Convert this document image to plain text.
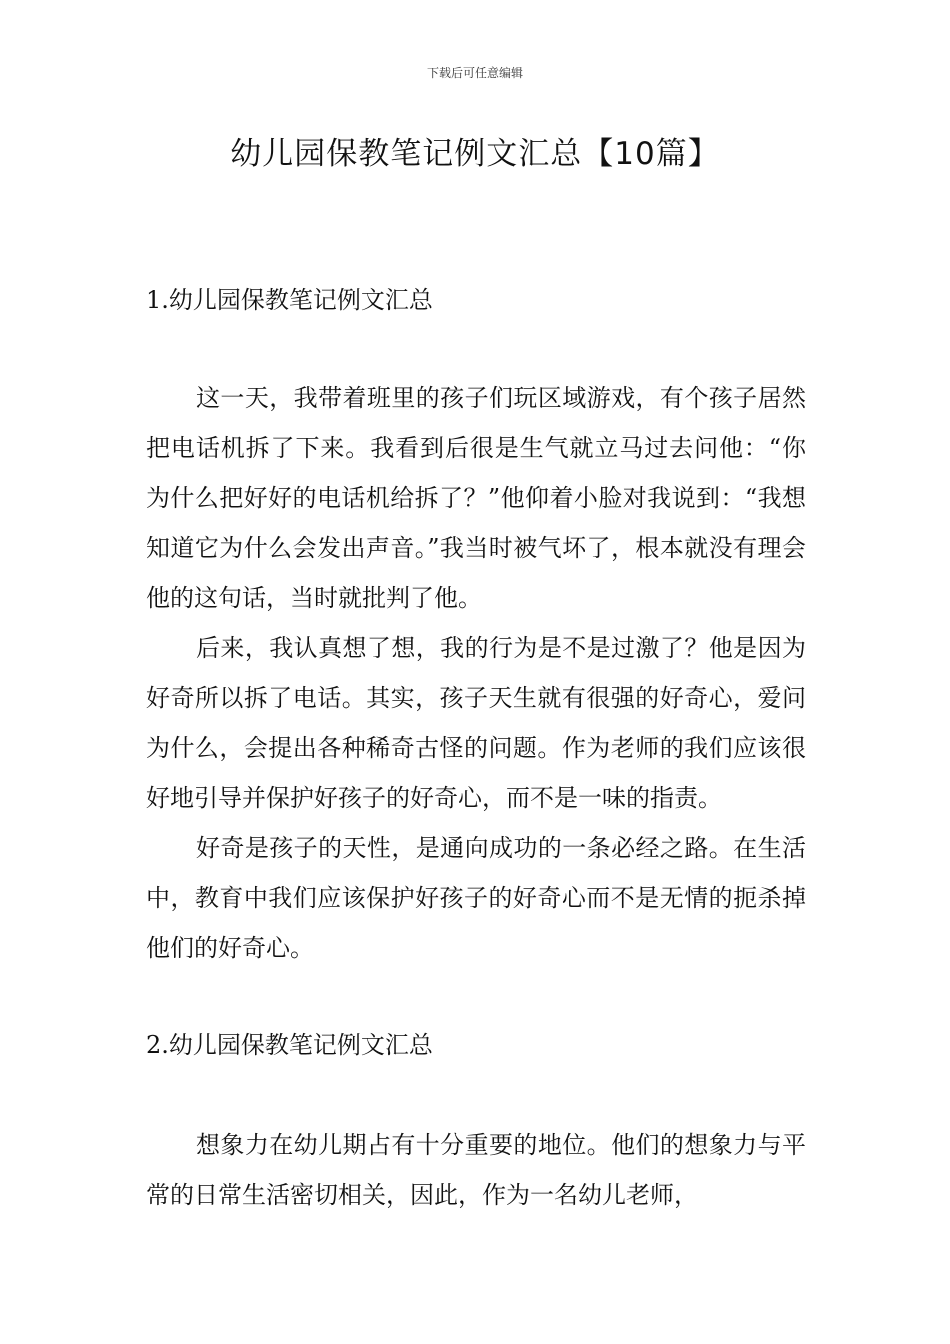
下载后可任意编辑
幼儿园保教笔记例文汇总【10篇】
1.幼儿园保教笔记例文汇总

这一天，我带着班里的孩子们玩区域游戏，有个孩子居然把电话机拆了下来。我看到后很是生气就立马过去问他：“你为什么把好好的电话机给拆了？”他仰着小脸对我说到：“我想知道它为什么会发出声音。”我当时被气坏了，根本就没有理会他的这句话，当时就批判了他。

后来，我认真想了想，我的行为是不是过激了？他是因为好奇所以拆了电话。其实，孩子天生就有很强的好奇心，爱问为什么，会提出各种稀奇古怪的问题。作为老师的我们应该很好地引导并保护好孩子的好奇心，而不是一味的指责。

好奇是孩子的天性，是通向成功的一条必经之路。在生活中，教育中我们应该保护好孩子的好奇心而不是无情的扼杀掉他们的好奇心。

2.幼儿园保教笔记例文汇总

想象力在幼儿期占有十分重要的地位。他们的想象力与平常的日常生活密切相关，因此，作为一名幼儿老师，
